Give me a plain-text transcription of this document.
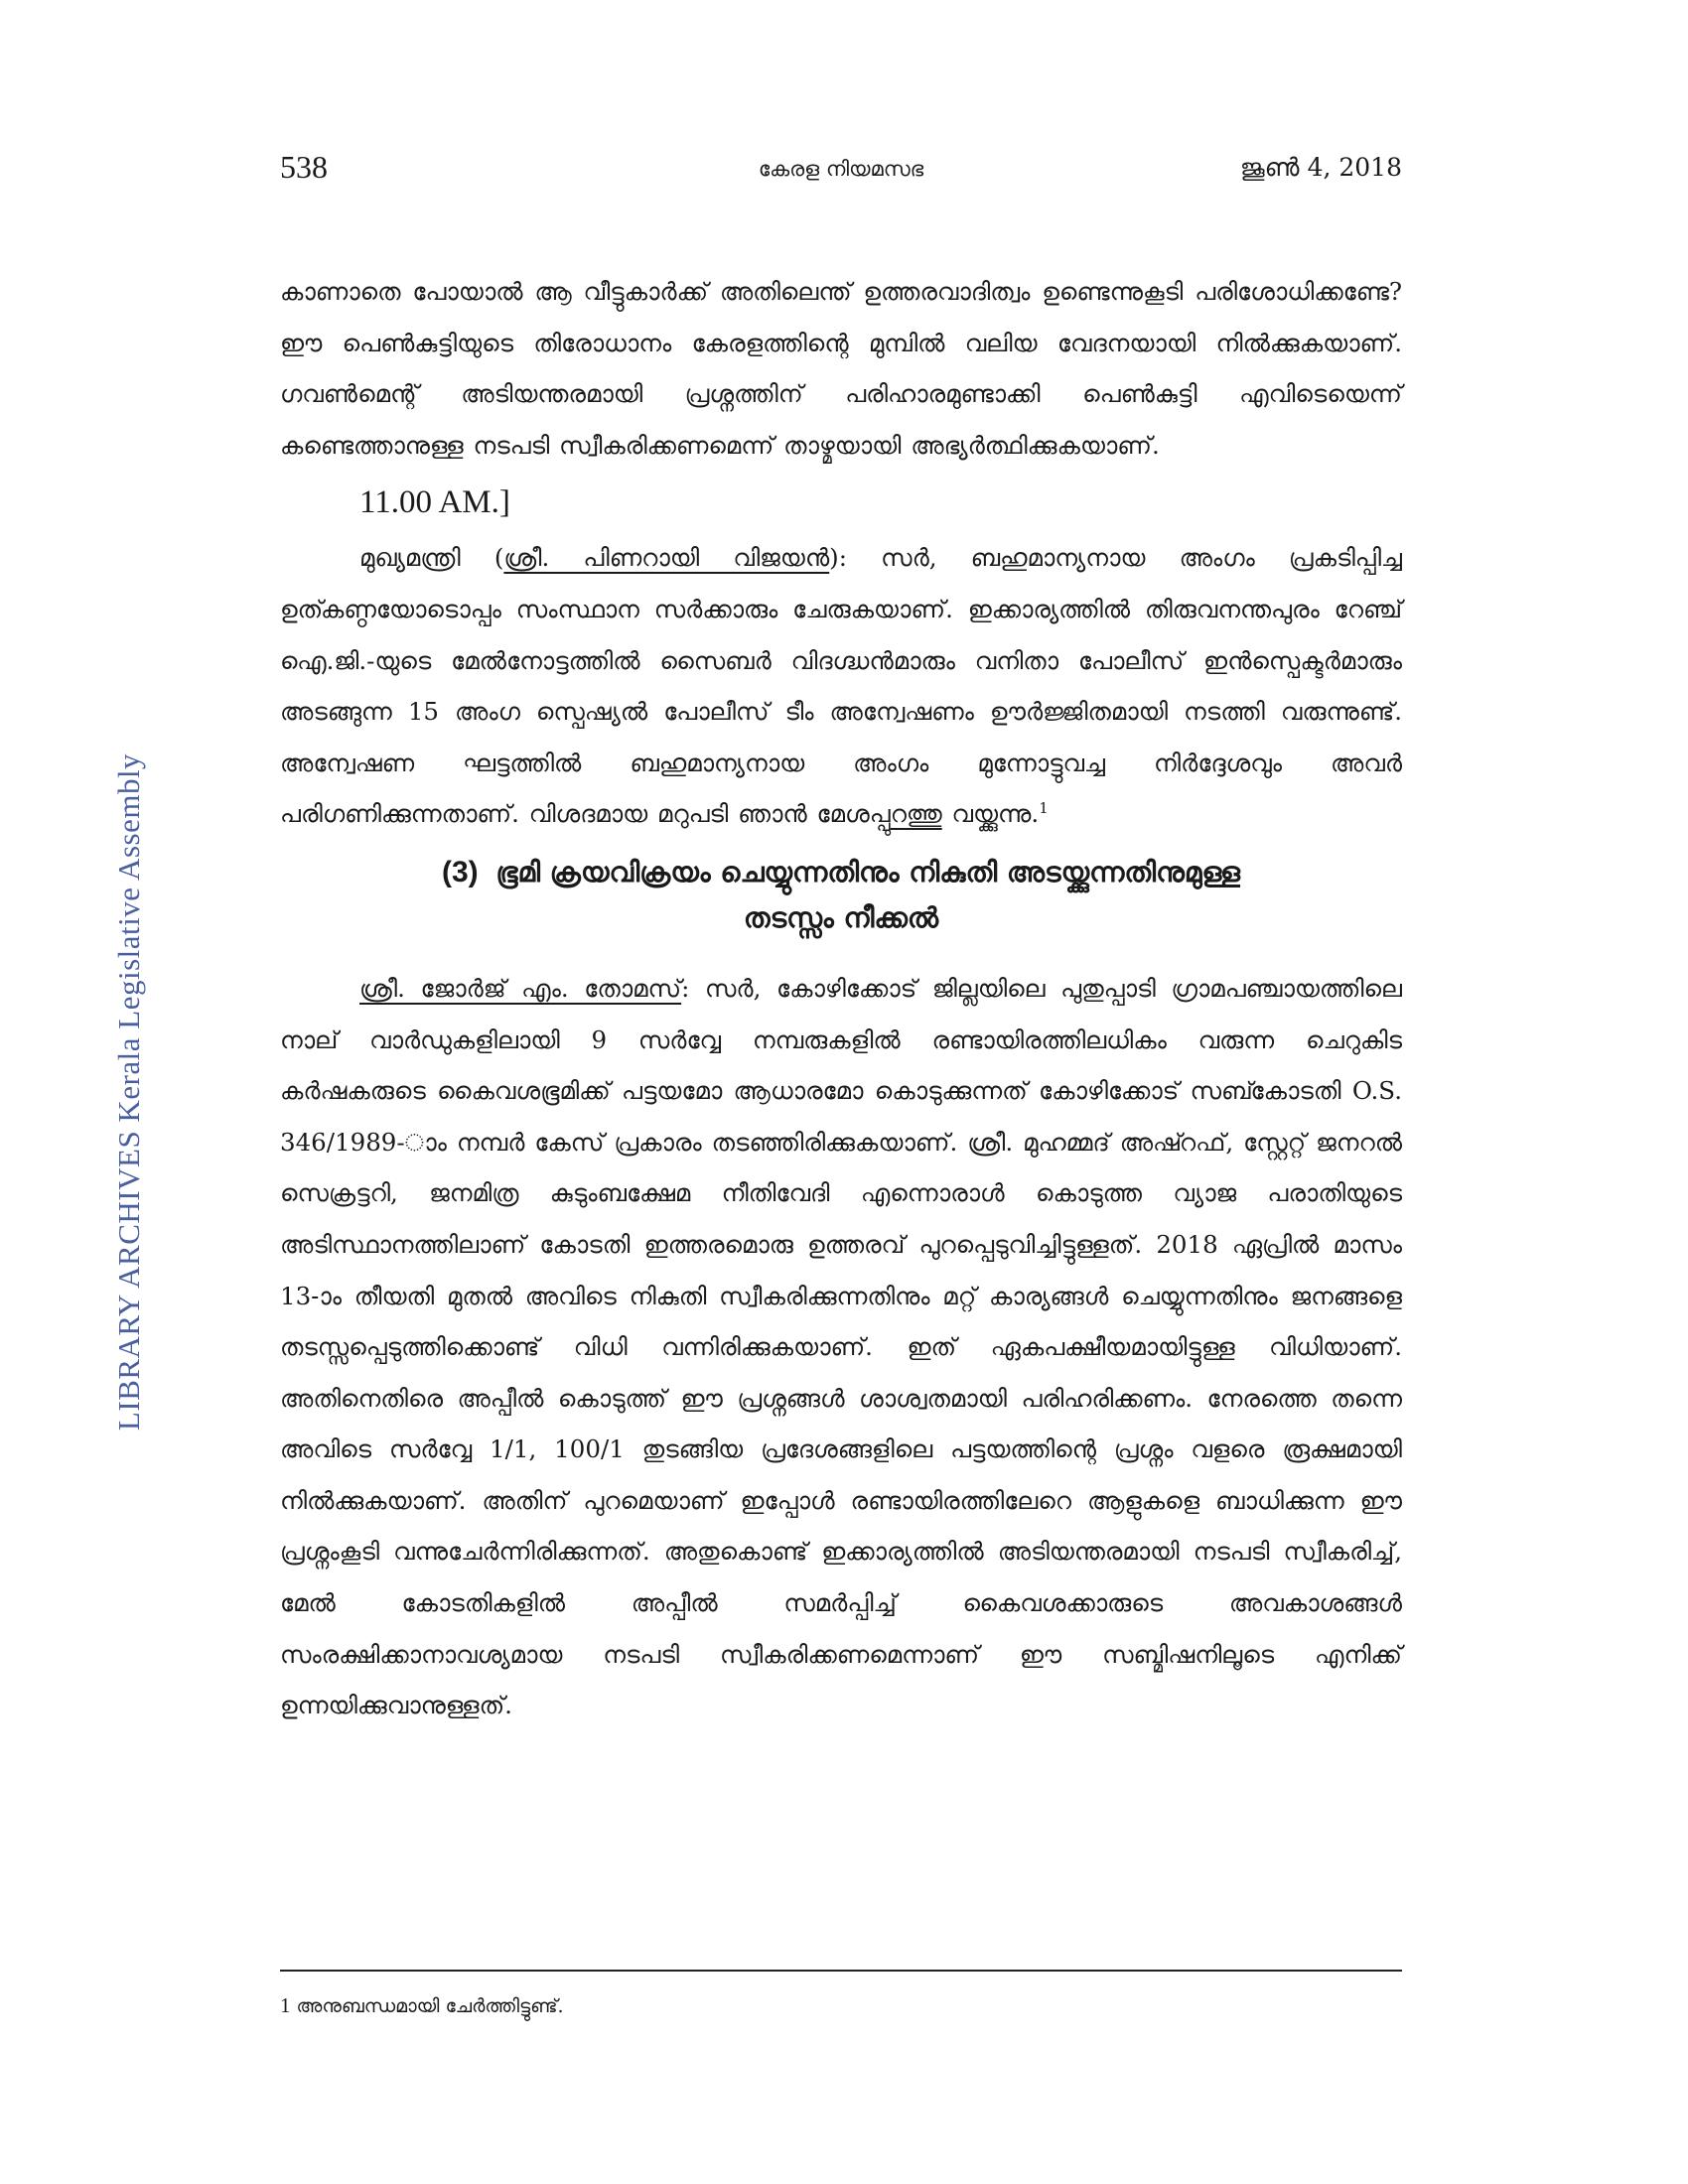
538	കേരള നിയമസഭ	ജൂൺ 4, 2018
LIBRARY ARCHIVES Kerala Legislative Assembly

കാണാതെ പോയാൽ ആ വീട്ടുകാർക്ക് അതിലെന്ത് ഉത്തരവാദിത്വം ഉണ്ടെന്നുകൂടി പരിശോധിക്കണ്ടേ? ഈ പെൺകുട്ടിയുടെ തിരോധാനം കേരളത്തിന്റെ മുമ്പിൽ വലിയ വേദനയായി നിൽക്കുകയാണ്. ഗവൺമെന്റ് അടിയന്തരമായി പ്രശ്നത്തിന് പരിഹാരമുണ്ടാക്കി പെൺകുട്ടി എവിടെയെന്ന് കണ്ടെത്താനുള്ള നടപടി സ്വീകരിക്കണമെന്ന് താഴ്മയായി അഭ്യർത്ഥിക്കുകയാണ്.

11.00 AM.]

മുഖ്യമന്ത്രി (ശ്രീ. പിണറായി വിജയൻ): സർ, ബഹുമാന്യനായ അംഗം പ്രകടിപ്പിച്ച ഉത്കണ്ഠയോടൊപ്പം സംസ്ഥാന സർക്കാരും ചേരുകയാണ്. ഇക്കാര്യത്തിൽ തിരുവനന്തപുരം റേഞ്ച് ഐ.ജി.-യുടെ മേൽനോട്ടത്തിൽ സൈബർ വിദഗ്ദ്ധൻമാരും വനിതാ പോലീസ് ഇൻസ്പെക്ടർമാരും അടങ്ങുന്ന 15 അംഗ സ്പെഷ്യൽ പോലീസ് ടീം അന്വേഷണം ഊർജ്ജിതമായി നടത്തി വരുന്നുണ്ട്. അന്വേഷണ ഘട്ടത്തിൽ ബഹുമാന്യനായ അംഗം മുന്നോട്ടുവച്ച നിർദ്ദേശവും അവർ പരിഗണിക്കുന്നതാണ്. വിശദമായ മറുപടി ഞാൻ മേശപ്പുറത്തു വയ്ക്കുന്നു.$^1$

(3) ഭൂമി ക്രയവിക്രയം ചെയ്യുന്നതിനും നികുതി അടയ്ക്കുന്നതിനുമുള്ള
തടസ്സം നീക്കൽ

ശ്രീ. ജോർജ് എം. തോമസ്: സർ, കോഴിക്കോട് ജില്ലയിലെ പുതുപ്പാടി ഗ്രാമപഞ്ചായത്തിലെ നാല് വാർഡുകളിലായി 9 സർവ്വേ നമ്പരുകളിൽ രണ്ടായിരത്തിലധികം വരുന്ന ചെറുകിട കർഷകരുടെ കൈവശഭൂമിക്ക് പട്ടയമോ ആധാരമോ കൊടുക്കുന്നത് കോഴിക്കോട് സബ്കോടതി O.S. 346/1989-ാം നമ്പർ കേസ് പ്രകാരം തടഞ്ഞിരിക്കുകയാണ്. ശ്രീ. മുഹമ്മദ് അഷ്റഫ്, സ്റ്റേറ്റ് ജനറൽ സെക്രട്ടറി, ജനമിത്ര കുടുംബക്ഷേമ നീതിവേദി എന്നൊരാൾ കൊടുത്ത വ്യാജ പരാതിയുടെ അടിസ്ഥാനത്തിലാണ് കോടതി ഇത്തരമൊരു ഉത്തരവ് പുറപ്പെടുവിച്ചിട്ടുള്ളത്. 2018 ഏപ്രിൽ മാസം 13-ാം തീയതി മുതൽ അവിടെ നികുതി സ്വീകരിക്കുന്നതിനും മറ്റ് കാര്യങ്ങൾ ചെയ്യുന്നതിനും ജനങ്ങളെ തടസ്സപ്പെടുത്തിക്കൊണ്ട് വിധി വന്നിരിക്കുകയാണ്. ഇത് ഏകപക്ഷീയമായിട്ടുള്ള വിധിയാണ്. അതിനെതിരെ അപ്പീൽ കൊടുത്ത് ഈ പ്രശ്നങ്ങൾ ശാശ്വതമായി പരിഹരിക്കണം. നേരത്തെ തന്നെ അവിടെ സർവ്വേ 1/1, 100/1 തുടങ്ങിയ പ്രദേശങ്ങളിലെ പട്ടയത്തിന്റെ പ്രശ്നം വളരെ രൂക്ഷമായി നിൽക്കുകയാണ്. അതിന് പുറമെയാണ് ഇപ്പോൾ രണ്ടായിരത്തിലേറെ ആളുകളെ ബാധിക്കുന്ന ഈ പ്രശ്നംകൂടി വന്നുചേർന്നിരിക്കുന്നത്. അതുകൊണ്ട് ഇക്കാര്യത്തിൽ അടിയന്തരമായി നടപടി സ്വീകരിച്ച്, മേൽ കോടതികളിൽ അപ്പീൽ സമർപ്പിച്ച് കൈവശക്കാരുടെ അവകാശങ്ങൾ സംരക്ഷിക്കാനാവശ്യമായ നടപടി സ്വീകരിക്കണമെന്നാണ് ഈ സബ്മിഷനിലൂടെ എനിക്ക് ഉന്നയിക്കുവാനുള്ളത്.

1 അനുബന്ധമായി ചേർത്തിട്ടുണ്ട്.
